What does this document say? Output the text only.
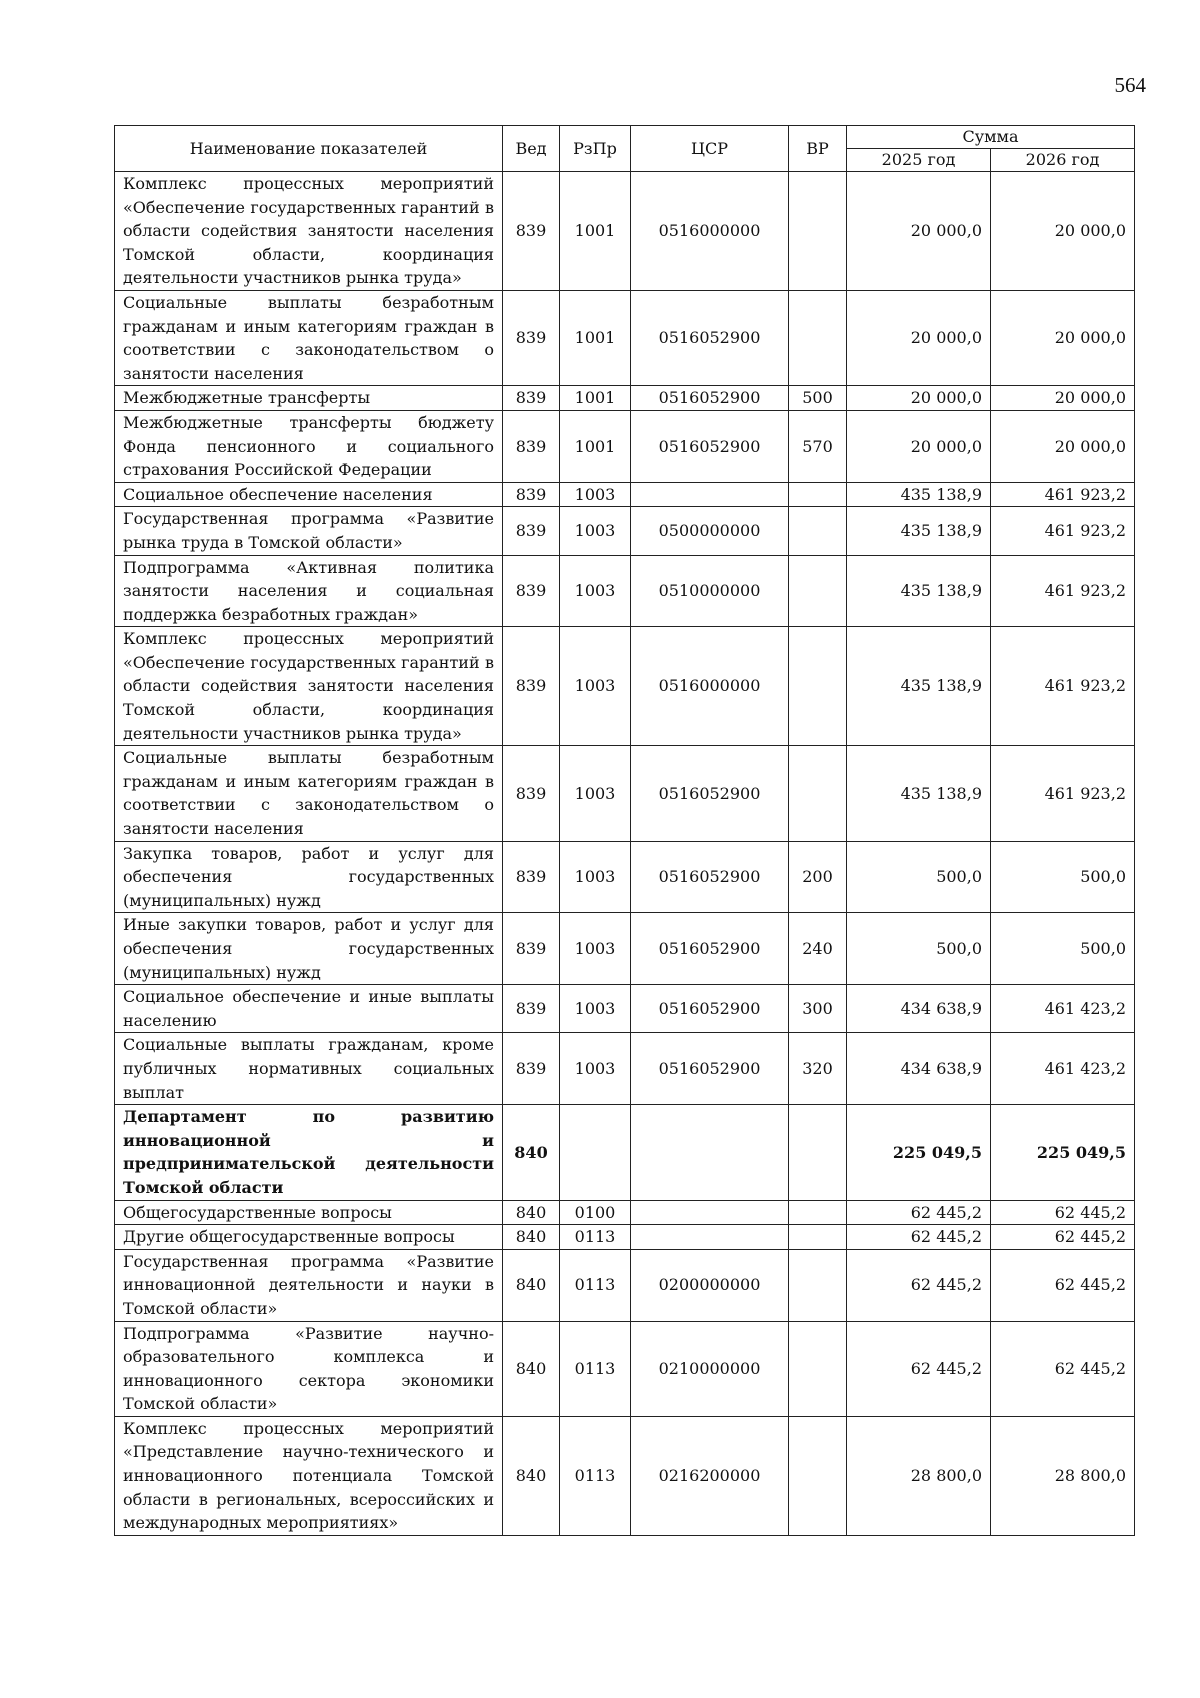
564
Наименование показателей	Вед	РзПр	ЦСР	ВР	Сумма	
					2025 год	2026 год
Комплекс процессных мероприятий «Обеспечение государственных гарантий в области содействия занятости населения Томской области, координация деятельности участников рынка труда»	839	1001	0516000000		20 000,0	20 000,0
Социальные выплаты безработным гражданам и иным категориям граждан в соответствии с законодательством о занятости населения	839	1001	0516052900		20 000,0	20 000,0
Межбюджетные трансферты	839	1001	0516052900	500	20 000,0	20 000,0
Межбюджетные трансферты бюджету Фонда пенсионного и социального страхования Российской Федерации	839	1001	0516052900	570	20 000,0	20 000,0
Социальное обеспечение населения	839	1003			435 138,9	461 923,2
Государственная программа «Развитие рынка труда в Томской области»	839	1003	0500000000		435 138,9	461 923,2
Подпрограмма «Активная политика занятости населения и социальная поддержка безработных граждан»	839	1003	0510000000		435 138,9	461 923,2
Комплекс процессных мероприятий «Обеспечение государственных гарантий в области содействия занятости населения Томской области, координация деятельности участников рынка труда»	839	1003	0516000000		435 138,9	461 923,2
Социальные выплаты безработным гражданам и иным категориям граждан в соответствии с законодательством о занятости населения	839	1003	0516052900		435 138,9	461 923,2
Закупка товаров, работ и услуг для обеспечения государственных (муниципальных) нужд	839	1003	0516052900	200	500,0	500,0
Иные закупки товаров, работ и услуг для обеспечения государственных (муниципальных) нужд	839	1003	0516052900	240	500,0	500,0
Социальное обеспечение и иные выплаты населению	839	1003	0516052900	300	434 638,9	461 423,2
Социальные выплаты гражданам, кроме публичных нормативных социальных выплат	839	1003	0516052900	320	434 638,9	461 423,2
Департамент по развитию инновационной и предпринимательской деятельности Томской области	840				225 049,5	225 049,5
Общегосударственные вопросы	840	0100			62 445,2	62 445,2
Другие общегосударственные вопросы	840	0113			62 445,2	62 445,2
Государственная программа «Развитие инновационной деятельности и науки в Томской области»	840	0113	0200000000		62 445,2	62 445,2
Подпрограмма «Развитие научно-образовательного комплекса и инновационного сектора экономики Томской области»	840	0113	0210000000		62 445,2	62 445,2
Комплекс процессных мероприятий «Представление научно-технического и инновационного потенциала Томской области в региональных, всероссийских и международных мероприятиях»	840	0113	0216200000		28 800,0	28 800,0
